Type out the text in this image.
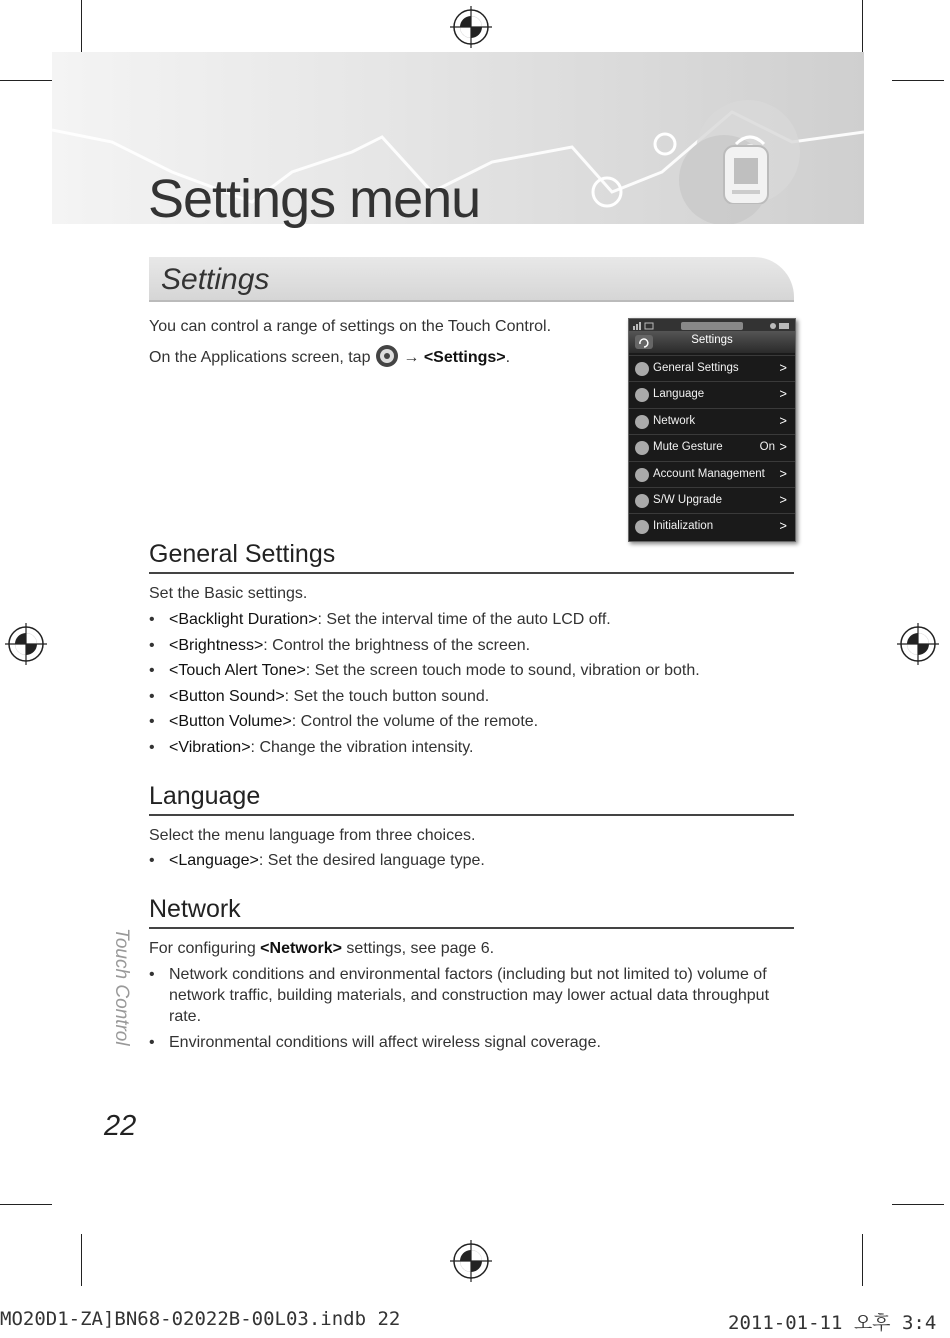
Settings menu
Settings
You can control a range of settings on the Touch Control.
On the Applications screen, tap → <Settings>.
Settings
General Settings	>
Language	>
Network	>
Mute Gesture	On >
Account Management >
S/W Upgrade	>
Initialization	>
General Settings
Set the Basic settings.
• <Backlight Duration>: Set the interval time of the auto LCD off.
• <Brightness>: Control the brightness of the screen.
• <Touch Alert Tone>: Set the screen touch mode to sound, vibration or both.
• <Button Sound>: Set the touch button sound.
• <Button Volume>: Control the volume of the remote.
• <Vibration>: Change the vibration intensity.
Language
Select the menu language from three choices.
• <Language>: Set the desired language type.
Network
For configuring <Network> settings, see page 6.
• Network conditions and environmental factors (including but not limited to) volume of network traffic, building materials, and construction may lower actual data throughput rate.
• Environmental conditions will affect wireless signal coverage.
Touch Control
22
MO20D1-ZA]BN68-02022B-00L03.indb 22	2011-01-11 오후 3:4
